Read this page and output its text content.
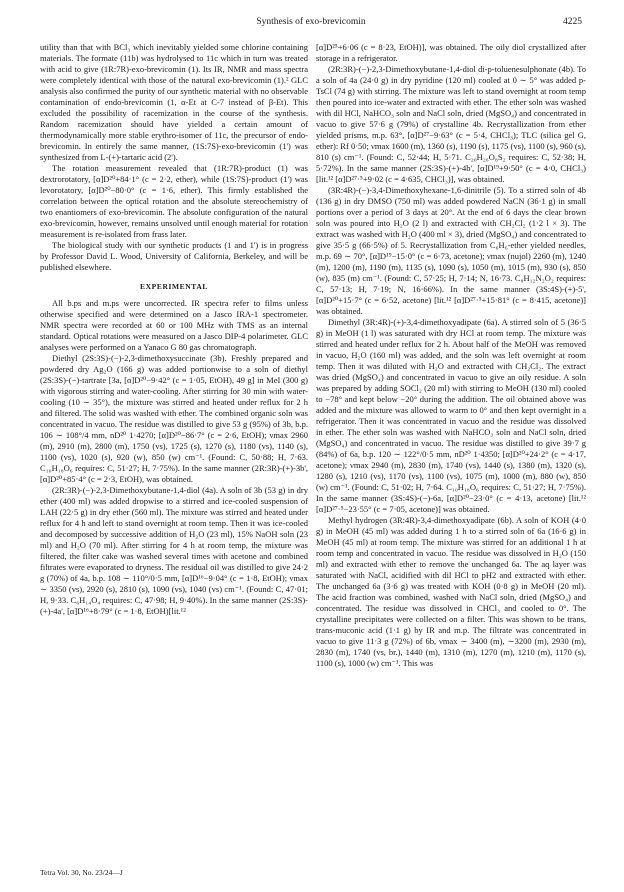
Synthesis of exo-brevicomin	4225

utility than that with BCl₃ which inevitably yielded some chlorine containing materials. The formate (11b) was hydrolysed to 11c which in turn was treated with acid to give (1R:7R)-exo-brevicomin (1). Its IR, NMR and mass spectra were completely identical with those of the natural exo-brevicomin (1).² GLC analysis also confirmed the purity of our synthetic material with no observable contamination of endo-brevicomin (1, α-Et at C-7 instead of β-Et). This excluded the possibility of racemization in the course of the synthesis. Random racemization should have yielded a certain amount of thermodynamically more stable erythro-isomer of 11c, the precursor of endo-brevicomin. In entirely the same manner, (1S:7S)-exo-brevicomin (1') was synthesized from L-(+)-tartaric acid (2').

The rotation measurement revealed that (1R:7R)-product (1) was dextrorotatory, [α]D²⁰+84·1° (c = 2·2, ether), while (1S:7S)-product (1') was levorotatory, [α]D²⁰−80·0° (c = 1·6, ether). This firmly established the correlation between the optical rotation and the absolute stereochemistry of two enantiomers of exo-brevicomin. The absolute configuration of the natural exo-brevicomin, however, remains unsolved until enough material for rotation measurement is re-isolated from frass later.

The biological study with our synthetic products (1 and 1') is in progress by Professor David L. Wood, University of California, Berkeley, and will be published elsewhere.

EXPERIMENTAL

All b.ps and m.ps were uncorrected. IR spectra refer to films unless otherwise specified and were determined on a Jasco IRA-1 spectrometer. NMR spectra were recorded at 60 or 100 MHz with TMS as an internal standard. Optical rotations were measured on a Jasco DIP-4 polarimeter. GLC analyses were performed on a Yanaco G 80 gas chromatograph.

Diethyl (2S:3S)-(−)-2,3-dimethoxysuccinate (3b). Freshly prepared and powdered dry Ag₂O (166 g) was added portionwise to a soln of diethyl (2S:3S)-(−)-tartrate [3a, [α]D²⁰−9·42° (c = 1·05, EtOH), 49 g] in MeI (300 g) with vigorous stirring and water-cooling. After stirring for 30 min with water-cooling (10 ∼ 35°), the mixture was stirred and heated under reflux for 2 h and filtered. The solid was washed with ether. The combined organic soln was concentrated in vacuo. The residue was distilled to give 53 g (95%) of 3b, b.p. 106 ∼ 108°/4 mm, nD²⁰ 1·4270; [α]D²⁰−86·7° (c = 2·6, EtOH); νmax 2960 (m), 2910 (m), 2800 (m), 1750 (vs), 1725 (s), 1270 (s), 1180 (vs), 1140 (s), 1100 (vs), 1020 (s), 920 (w), 850 (w) cm⁻¹. (Found: C, 50·88; H, 7·63. C₁₀H₁₈O₆ requires: C, 51·27; H, 7·75%). In the same manner (2R:3R)-(+)-3b', [α]D²⁰+85·4° (c = 2·3, EtOH), was obtained.

(2R:3R)-(−)-2,3-Dimethoxybutane-1,4-diol (4a). A soln of 3b (53 g) in dry ether (400 ml) was added dropwise to a stirred and ice-cooled suspension of LAH (22·5 g) in dry ether (560 ml). The mixture was stirred and heated under reflux for 4 h and left to stand overnight at room temp. Then it was ice-cooled and decomposed by successive addition of H₂O (23 ml), 15% NaOH soln (23 ml) and H₂O (70 ml). After stirring for 4 h at room temp, the mixture was filtered, the filter cake was washed several times with acetone and combined filtrates were evaporated to dryness. The residual oil was distilled to give 24·2 g (70%) of 4a, b.p. 108 ∼ 110°/0·5 mm, [α]D¹⁶−9·04° (c = 1·8, EtOH); νmax ∼ 3350 (vs), 2920 (s), 2810 (s), 1090 (vs), 1040 (vs) cm⁻¹. (Found: C, 47·01; H, 9·33. C₆H₁₄O₄ requires: C, 47·98; H, 9·40%). In the same manner (2S:3S)-(+)-4a', [α]D¹⁶+8·79° (c = 1·8, EtOH)[lit.¹²

[α]D²⁵+6·06 (c = 8·23, EtOH)], was obtained. The oily diol crystallized after storage in a refrigerator.

(2R:3R)-(−)-2,3-Dimethoxybutane-1,4-diol di-p-toluenesulphonate (4b). To a soln of 4a (24·0 g) in dry pyridine (120 ml) cooled at 0 ∼ 5° was added p-TsCl (74 g) with stirring. The mixture was left to stand overnight at room temp then poured into ice-water and extracted with ether. The ether soln was washed with dil HCl, NaHCO₃ soln and NaCl soln, dried (MgSO₄) and concentrated in vacuo to give 57·6 g (79%) of crystalline 4b. Recrystallization from ether yielded prisms, m.p. 63°, [α]D²⁷−9·63° (c = 5·4, CHCl₃); TLC (silica gel G, ether): Rf 0·50; νmax 1600 (m), 1360 (s), 1190 (s), 1175 (vs), 1100 (s), 960 (s), 810 (s) cm⁻¹. (Found: C, 52·44; H, 5·71. C₂₀H₂₆O₈S₂ requires: C, 52·38; H, 5·72%). In the same manner (2S:3S)-(+)-4b', [α]D¹⁹+9·50° (c = 4·0, CHCl₃) [lit.¹² [α]D²⁷·⁵+9·02 (c = 4·635, CHCl₃)], was obtained.

(3R:4R)-(−)-3,4-Dimethoxyhexane-1,6-dinitrile (5). To a stirred soln of 4b (136 g) in dry DMSO (750 ml) was added powdered NaCN (36·1 g) in small portions over a period of 3 days at 20°. At the end of 6 days the clear brown soln was poured into H₂O (2 l) and extracted with CH₂Cl₂ (1·2 l × 3). The extract was washed with H₂O (400 ml × 3), dried (MgSO₄) and concentrated to give 35·5 g (66·5%) of 5. Recrystallization from C₆H₆-ether yielded needles, m.p. 69 ∼ 70°, [α]D¹⁹−15·0° (c = 6·73, acetone); νmax (nujol) 2260 (m), 1240 (m), 1200 (m), 1190 (m), 1135 (s), 1090 (s), 1050 (m), 1015 (m), 930 (s), 850 (w), 835 (m) cm⁻¹. (Found: C, 57·25; H, 7·14; N, 16·73. C₈H₁₂N₂O₂ requires: C, 57·13; H, 7·19; N, 16·66%). In the same manner (3S:4S)-(+)-5', [α]D²⁰+15·7° (c = 6·52, acetone) [lit.¹² [α]D²⁷·⁵+15·81° (c = 8·415, acetone)] was obtained.

Dimethyl (3R:4R)-(+)-3,4-dimethoxyadipate (6a). A stirred soln of 5 (36·5 g) in MeOH (1 l) was saturated with dry HCl at room temp. The mixture was stirred and heated under reflux for 2 h. About half of the MeOH was removed in vacuo, H₂O (160 ml) was added, and the soln was left overnight at room temp. Then it was diluted with H₂O and extracted with CH₂Cl₂. The extract was dried (MgSO₄) and concentrated in vacuo to give an oily residue. A soln was prepared by adding SOCl₂ (20 ml) with stirring to MeOH (130 ml) cooled to −78° and kept below −20° during the addition. The oil obtained above was added and the mixture was allowed to warm to 0° and then kept overnight in a refrigerator. Then it was concentrated in vacuo and the residue was dissolved in ether. The ether soln was washed with NaHCO₃ soln and NaCl soln, dried (MgSO₄) and concentrated in vacuo. The residue was distilled to give 39·7 g (84%) of 6a, b.p. 120 ∼ 122°/0·5 mm, nD²⁰ 1·4350; [α]D²⁰+24·2° (c = 4·17, acetone); νmax 2940 (m), 2830 (m), 1740 (vs), 1440 (s), 1380 (m), 1320 (s), 1280 (s), 1210 (vs), 1170 (vs), 1100 (vs), 1075 (m), 1000 (m), 880 (w), 850 (w) cm⁻¹. (Found: C, 51·02; H, 7·64. C₁₀H₁₈O₆ requires: C, 51·27; H, 7·75%). In the same manner (3S:4S)-(−)-6a, [α]D²⁰−23·0° (c = 4·13, acetone) [lit.¹² [α]D²⁷·⁵−23·55° (c = 7·05, acetone)] was obtained.

Methyl hydrogen (3R:4R)-3,4-dimethoxyadipate (6b). A soln of KOH (4·0 g) in MeOH (45 ml) was added during 1 h to a stirred soln of 6a (16·6 g) in MeOH (45 ml) at room temp. The mixture was stirred for an additional 1 h at room temp and concentrated in vacuo. The residue was dissolved in H₂O (150 ml) and extracted with ether to remove the unchanged 6a. The aq layer was saturated with NaCl, acidified with dil HCl to pH2 and extracted with ether. The unchanged 6a (3·6 g) was treated with KOH (0·8 g) in MeOH (20 ml). The acid fraction was combined, washed with NaCl soln, dried (MgSO₄) and concentrated. The residue was dissolved in CHCl₃ and cooled to 0°. The crystalline precipitates were collected on a filter. This was shown to be trans, trans-muconic acid (1·1 g) by IR and m.p. The filtrate was concentrated in vacuo to give 11·3 g (72%) of 6b, νmax ∼ 3400 (m), ∼3200 (m), 2930 (m), 2830 (m), 1740 (vs, br.), 1440 (m), 1310 (m), 1270 (m), 1210 (m), 1170 (s), 1100 (s), 1000 (w) cm⁻¹. This was

Tetra Vol. 30, No. 23/24—J
